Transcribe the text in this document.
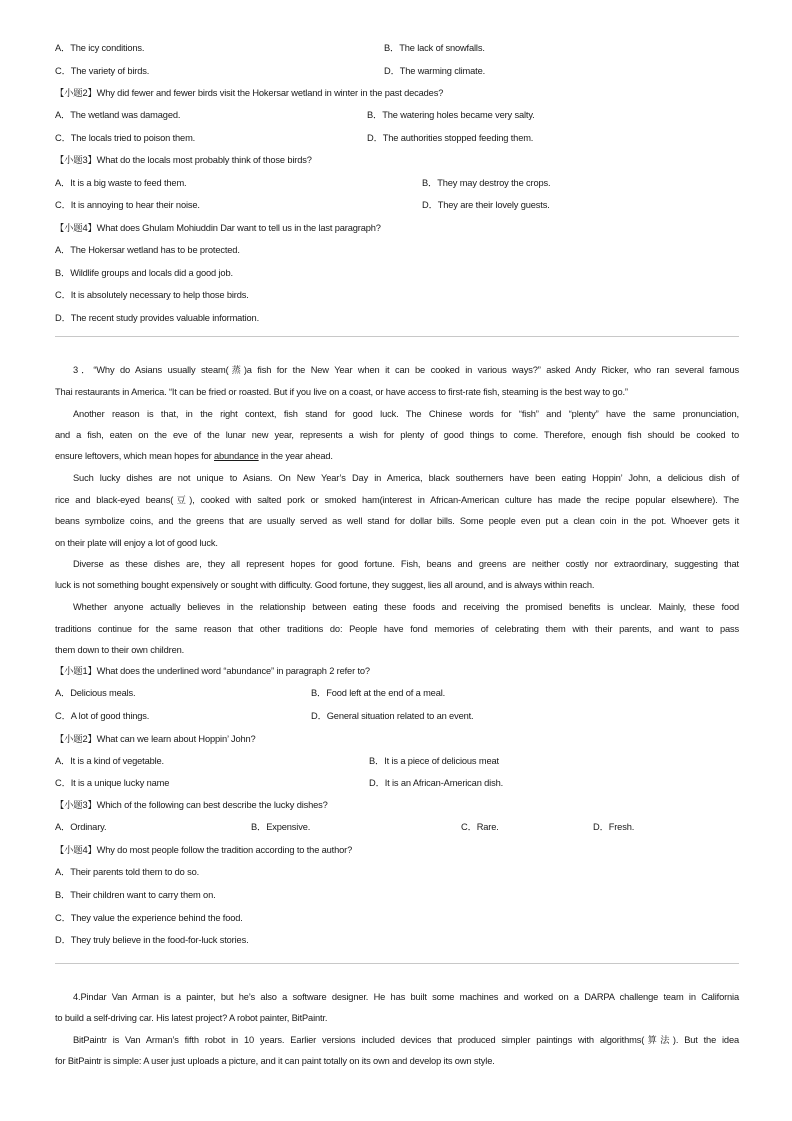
A．The icy conditions.	B．The lack of snowfalls.
C．The variety of birds.	D．The warming climate.
【小题2】Why did fewer and fewer birds visit the Hokersar wetland in winter in the past decades?
A．The wetland was damaged.	B．The watering holes became very salty.
C．The locals tried to poison them.	D．The authorities stopped feeding them.
【小题3】What do the locals most probably think of those birds?
A．It is a big waste to feed them.	B．They may destroy the crops.
C．It is annoying to hear their noise.	D．They are their lovely guests.
【小题4】What does Ghulam Mohiuddin Dar want to tell us in the last paragraph?
A．The Hokersar wetland has to be protected.
B．Wildlife groups and locals did a good job.
C．It is absolutely necessary to help those birds.
D．The recent study provides valuable information.
3．“Why do Asians usually steam(蒸)a fish for the New Year when it can be cooked in various ways?” asked Andy Ricker, who ran several famous
Thai restaurants in America. “It can be fried or roasted. But if you live on a coast, or have access to first-rate fish, steaming is the best way to go.”
Another reason is that, in the right context, fish stand for good luck. The Chinese words for “fish” and “plenty” have the same pronunciation,
and a fish, eaten on the eve of the lunar new year, represents a wish for plenty of good things to come. Therefore, enough fish should be cooked to
ensure leftovers, which mean hopes for abundance in the year ahead.
Such lucky dishes are not unique to Asians. On New Year’s Day in America, black southerners have been eating Hoppin’ John, a delicious dish of
rice and black-eyed beans(豆), cooked with salted pork or smoked ham(interest in African-American culture has made the recipe popular elsewhere). The
beans symbolize coins, and the greens that are usually served as well stand for dollar bills. Some people even put a clean coin in the pot. Whoever gets it
on their plate will enjoy a lot of good luck.
Diverse as these dishes are, they all represent hopes for good fortune. Fish, beans and greens are neither costly nor extraordinary, suggesting that
luck is not something bought expensively or sought with difficulty. Good fortune, they suggest, lies all around, and is always within reach.
Whether anyone actually believes in the relationship between eating these foods and receiving the promised benefits is unclear. Mainly, these food
traditions continue for the same reason that other traditions do: People have fond memories of celebrating them with their parents, and want to pass
them down to their own children.
【小题1】What does the underlined word “abundance” in paragraph 2 refer to?
A．Delicious meals.	B．Food left at the end of a meal.
C．A lot of good things.	D．General situation related to an event.
【小题2】What can we learn about Hoppin’ John?
A．It is a kind of vegetable.	B．It is a piece of delicious meat
C．It is a unique lucky name	D．It is an African-American dish.
【小题3】Which of the following can best describe the lucky dishes?
A．Ordinary.	B．Expensive.	C．Rare.	D．Fresh.
【小题4】Why do most people follow the tradition according to the author?
A．Their parents told them to do so.
B．Their children want to carry them on.
C．They value the experience behind the food.
D．They truly believe in the food-for-luck stories.
4.Pindar Van Arman is a painter, but he’s also a software designer. He has built some machines and worked on a DARPA challenge team in California
to build a self-driving car. His latest project? A robot painter, BitPaintr.
BitPaintr is Van Arman’s fifth robot in 10 years. Earlier versions included devices that produced simpler paintings with algorithms(算法). But the idea
for BitPaintr is simple: A user just uploads a picture, and it can paint totally on its own and develop its own style.
